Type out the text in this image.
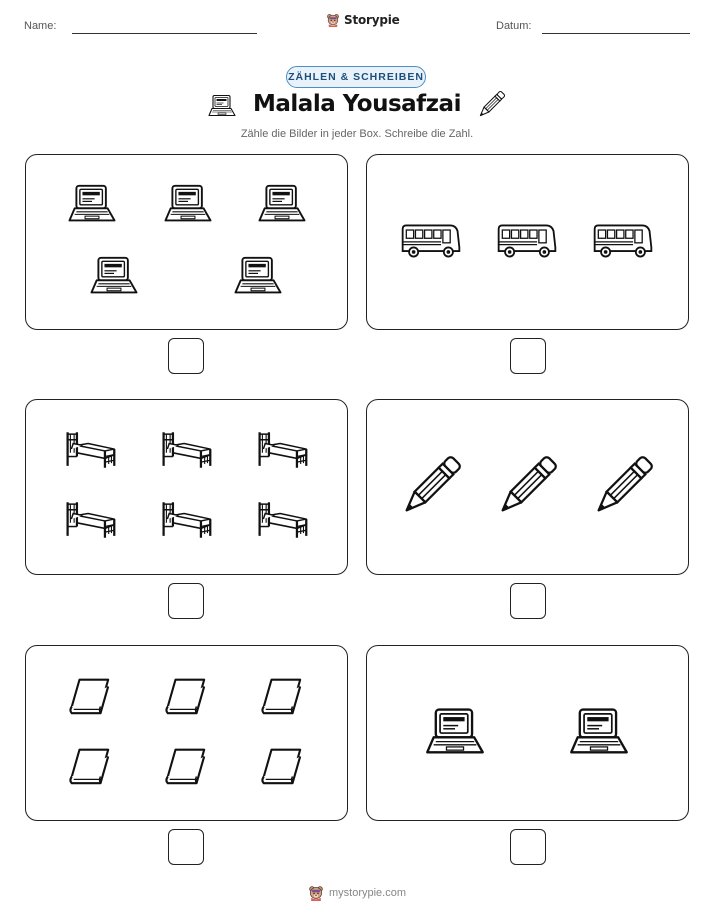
Name:	Storypie	Datum:
ZÄHLEN & SCHREIBEN
Malala Yousafzai
Zähle die Bilder in jeder Box. Schreibe die Zahl.
mystorypie.com
